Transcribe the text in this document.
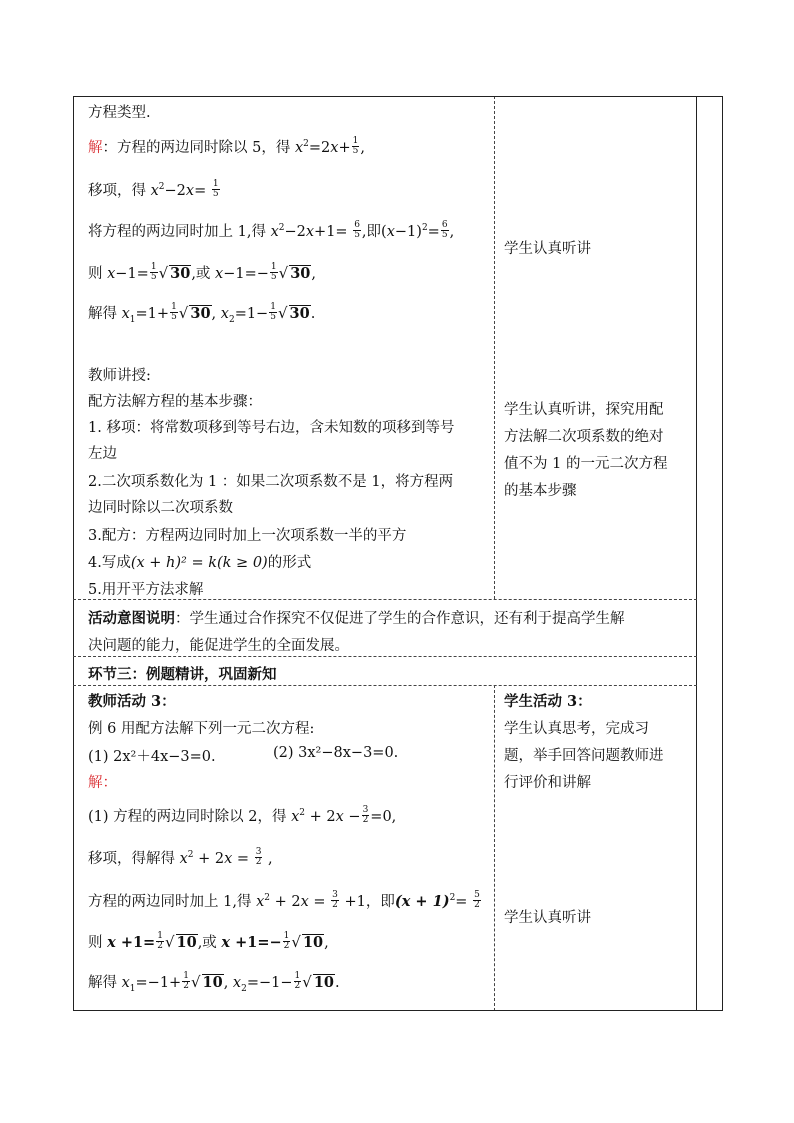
方程类型.
解：方程的两边同时除以 5，得 $x^2=2x+ \frac{1}{5}$ ,
移项，得 $x^2-2x= \frac{1}{5}$
将方程的两边同时加上 1,得 $x^2-2x+1= \frac{6}{5}$ ,即$(x-1)^2= \frac{6}{5}$ ,
则 $x-1= \frac{1}{5}$ √ 30,或 $x-1=- \frac{1}{5}$ √ 30,
解得 $x_1=1+ \frac{1}{5}$ √ 30, $x_2=1- \frac{1}{5}$ √ 30.
教师讲授:
配方法解方程的基本步骤：
1. 移项：将常数项移到等号右边，含未知数的项移到等号
左边
2.二次项系数化为 1 ：如果二次项系数不是 1，将方程两
边同时除以二次项系数
3.配方：方程两边同时加上一次项系数一半的平方
4.写成(x + h)² = k(k ≥ 0)的形式
5.用开平方法求解
学生认真听讲
学生认真听讲，探究用配
方法解二次项系数的绝对
值不为 1 的一元二次方程
的基本步骤
活动意图说明：学生通过合作探究不仅促进了学生的合作意识，还有利于提高学生解
决问题的能力，能促进学生的全面发展。
环节三：例题精讲，巩固新知
教师活动 3：
例 6 用配方法解下列一元二次方程:
(1) 2x²＋4x−3=0.	(2) 3x²−8x−3=0.
解：
(1) 方程的两边同时除以 2，得 $x^2 + 2x - \frac{3}{2} =0$,
移项，得解得 $x^2 + 2x = \frac{3}{2}$ ,
方程的两边同时加上 1,得 $x^2 + 2x = \frac{3}{2} +1$，即$(x + 1)^2= \frac{5}{2}$
则 $x +1= \frac{1}{2}$ √ 10,或 $x +1=- \frac{1}{2}$ √ 10,
解得 $x_1=-1+ \frac{1}{2}$ √ 10, $x_2=-1- \frac{1}{2}$ √ 10.
学生活动 3：
学生认真思考，完成习
题，举手回答问题教师进
行评价和讲解
学生认真听讲
